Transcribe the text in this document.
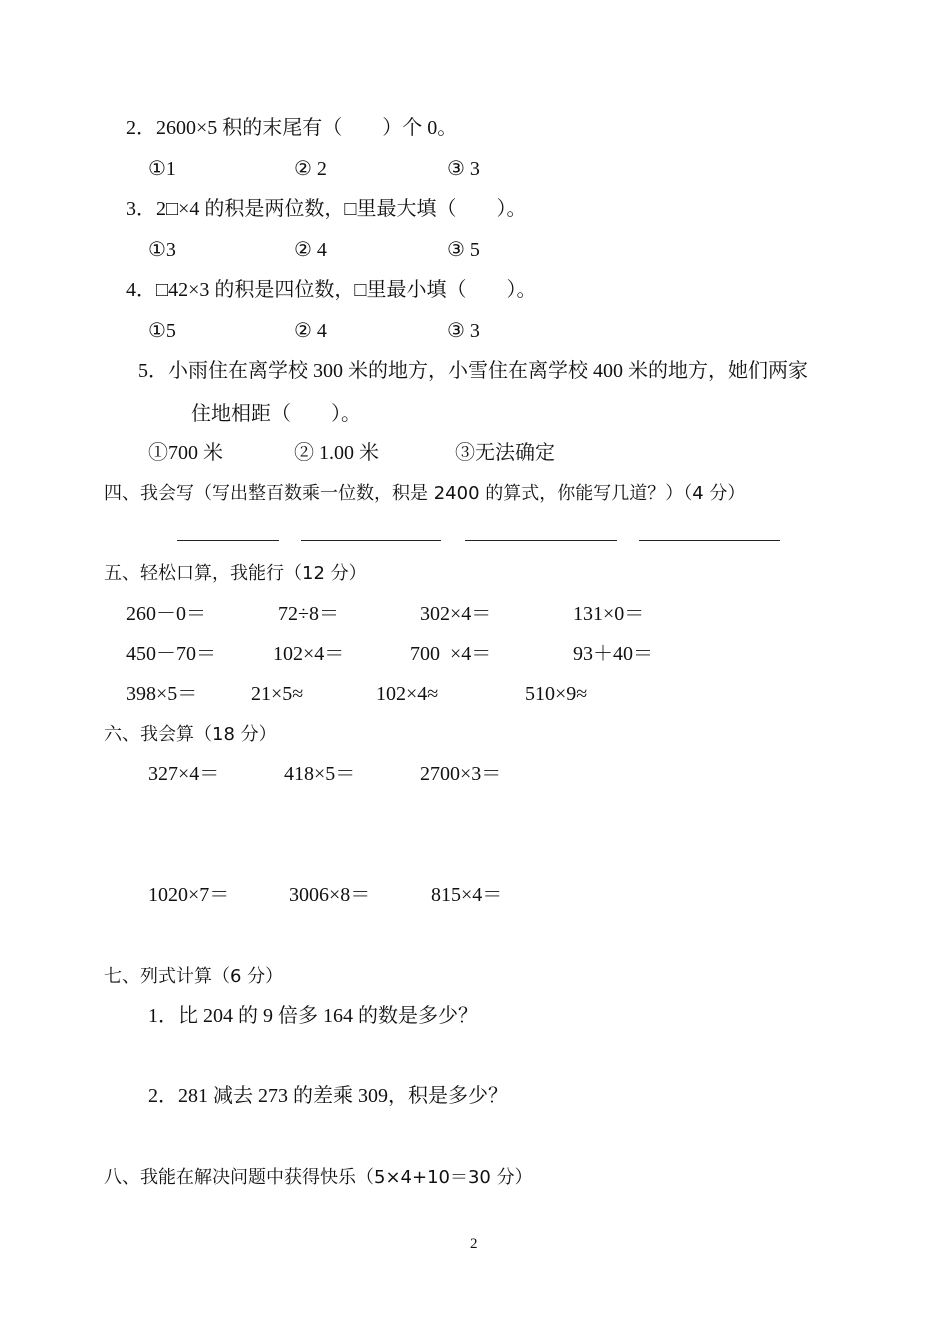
2．2600×5 积的末尾有（　　）个 0。
①1	② 2	③ 3
3．2□×4 的积是两位数，□里最大填（　　）。
①3	② 4	③ 5
4．□42×3 的积是四位数，□里最小填（　　）。
①5	② 4	③ 3
5．小雨住在离学校 300 米的地方，小雪住在离学校 400 米的地方，她们两家
住地相距（　　）。
①700 米	② 1.00 米	③无法确定
四、我会写（写出整百数乘一位数，积是 2400 的算式，你能写几道？）（4 分）
五、轻松口算，我能行（12 分）
260－0＝	72÷8＝	302×4＝	131×0＝
450－70＝	102×4＝	700  ×4＝	93＋40＝
398×5＝	21×5≈	102×4≈	510×9≈
六、我会算（18 分）
327×4＝	418×5＝	2700×3＝
1020×7＝	3006×8＝	815×4＝
七、列式计算（6 分）
1．比 204 的 9 倍多 164 的数是多少？
2．281 减去 273 的差乘 309，积是多少？
八、我能在解决问题中获得快乐（5×4+10＝30 分）
2
